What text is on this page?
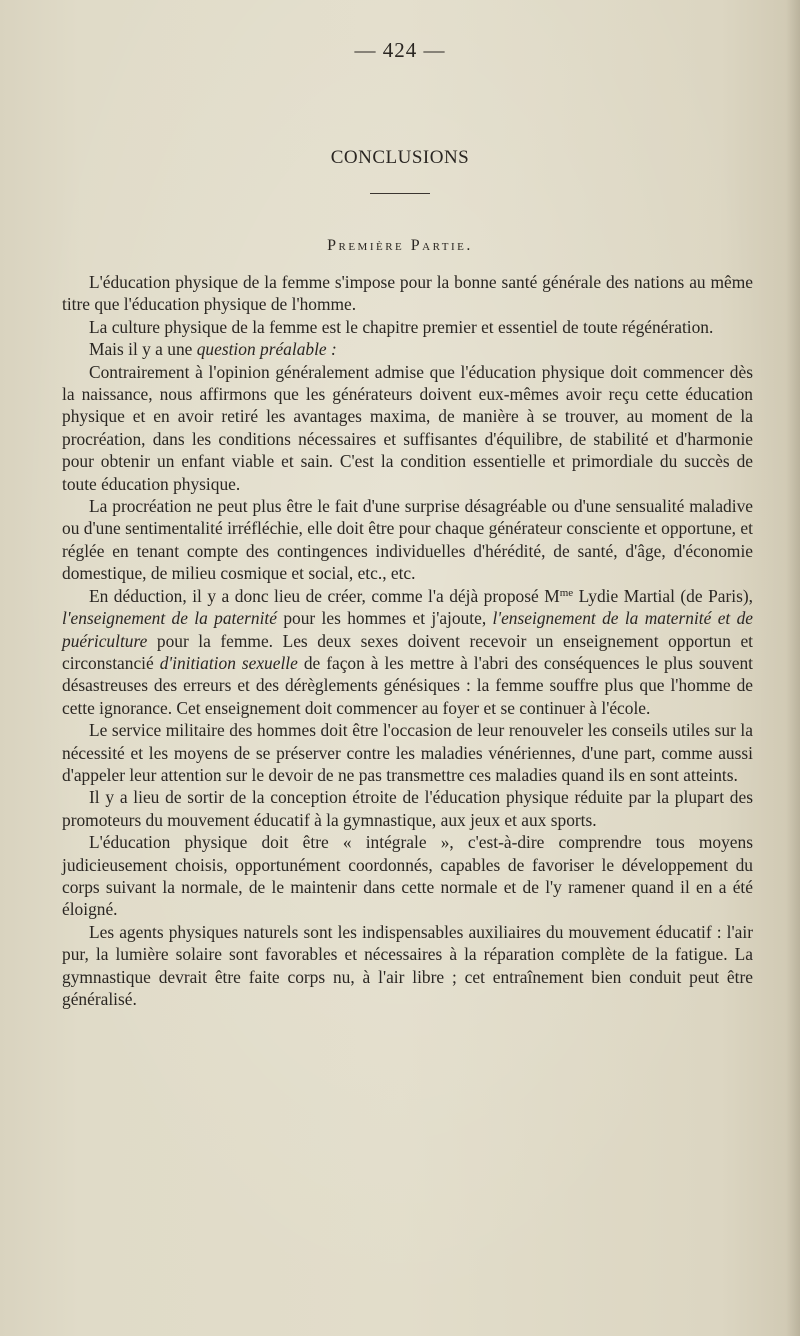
— 424 —
CONCLUSIONS
Première Partie.

L'éducation physique de la femme s'impose pour la bonne santé générale des nations au même titre que l'éducation physique de l'homme.

La culture physique de la femme est le chapitre premier et essentiel de toute régénération.

Mais il y a une question préalable :

Contrairement à l'opinion généralement admise que l'éducation physique doit commencer dès la naissance, nous affirmons que les générateurs doivent eux-mêmes avoir reçu cette éducation physique et en avoir retiré les avantages maxima, de manière à se trouver, au moment de la procréation, dans les conditions nécessaires et suffisantes d'équilibre, de stabilité et d'harmonie pour obtenir un enfant viable et sain. C'est la condition essentielle et primordiale du succès de toute éducation physique.

La procréation ne peut plus être le fait d'une surprise désagréable ou d'une sensualité maladive ou d'une sentimentalité irréfléchie, elle doit être pour chaque générateur consciente et opportune, et réglée en tenant compte des contingences individuelles d'hérédité, de santé, d'âge, d'économie domestique, de milieu cosmique et social, etc., etc.

En déduction, il y a donc lieu de créer, comme l'a déjà proposé $M^{me}$ Lydie Martial (de Paris), l'enseignement de la paternité pour les hommes et j'ajoute, l'enseignement de la maternité et de puériculture pour la femme. Les deux sexes doivent recevoir un enseignement opportun et circonstancié d'initiation sexuelle de façon à les mettre à l'abri des conséquences le plus souvent désastreuses des erreurs et des dérèglements génésiques : la femme souffre plus que l'homme de cette ignorance. Cet enseignement doit commencer au foyer et se continuer à l'école.

Le service militaire des hommes doit être l'occasion de leur renouveler les conseils utiles sur la nécessité et les moyens de se préserver contre les maladies vénériennes, d'une part, comme aussi d'appeler leur attention sur le devoir de ne pas transmettre ces maladies quand ils en sont atteints.

Il y a lieu de sortir de la conception étroite de l'éducation physique réduite par la plupart des promoteurs du mouvement éducatif à la gymnastique, aux jeux et aux sports.

L'éducation physique doit être « intégrale », c'est-à-dire comprendre tous moyens judicieusement choisis, opportunément coordonnés, capables de favoriser le développement du corps suivant la normale, de le maintenir dans cette normale et de l'y ramener quand il en a été éloigné.

Les agents physiques naturels sont les indispensables auxiliaires du mouvement éducatif : l'air pur, la lumière solaire sont favorables et nécessaires à la réparation complète de la fatigue. La gymnastique devrait être faite corps nu, à l'air libre ; cet entraînement bien conduit peut être généralisé.
